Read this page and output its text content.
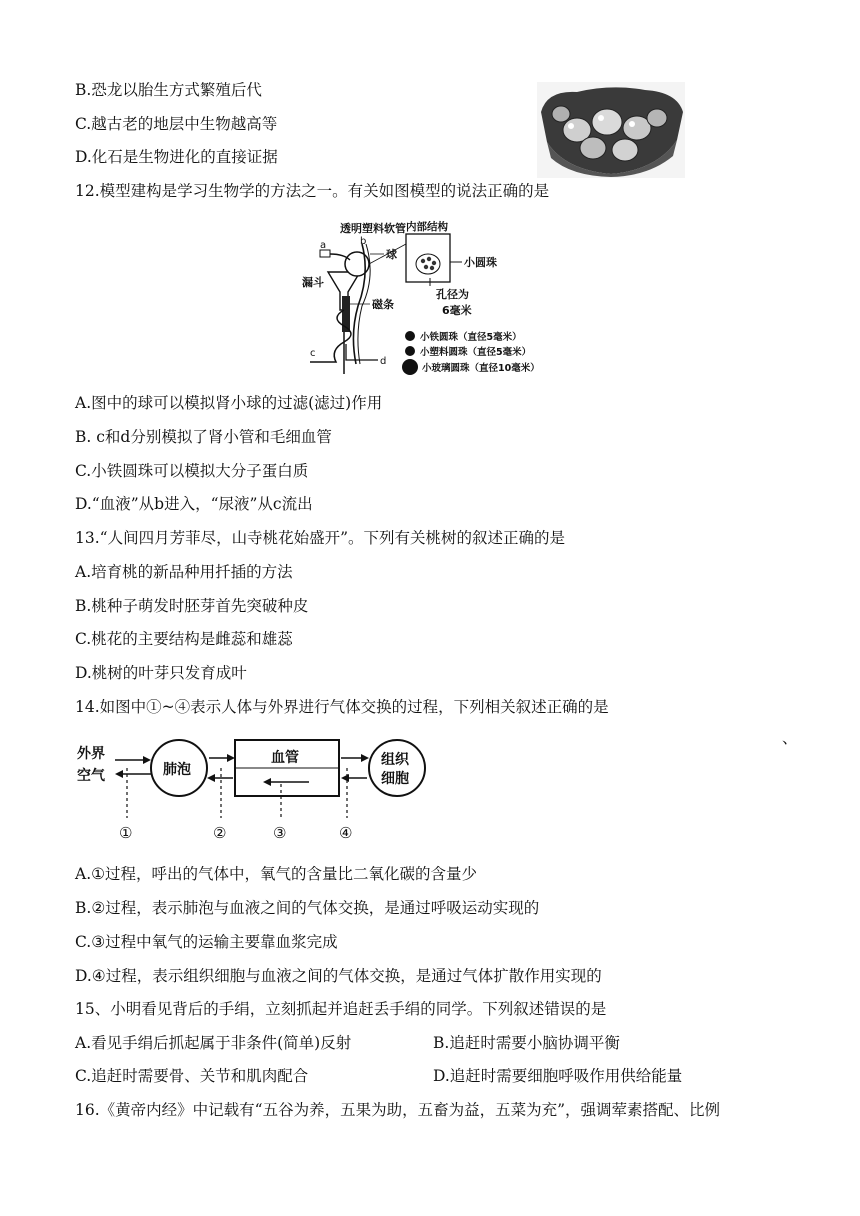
B.恐龙以胎生方式繁殖后代
C.越古老的地层中生物越高等
D.化石是生物进化的直接证据
12.模型建构是学习生物学的方法之一。有关如图模型的说法正确的是
透明塑料软管
a	b
漏斗
球
内部结构
小圆珠
孔径为
6毫米
磁条
c
d
小铁圆珠（直径5毫米）
小塑料圆珠（直径5毫米）
小玻璃圆珠（直径10毫米）
A.图中的球可以模拟肾小球的过滤(滤过)作用
B. c和d分别模拟了肾小管和毛细血管
C.小铁圆珠可以模拟大分子蛋白质
D.“血液”从b进入，“尿液”从c流出
13.“人间四月芳菲尽，山寺桃花始盛开”。下列有关桃树的叙述正确的是
A.培育桃的新品种用扦插的方法
B.桃种子萌发时胚芽首先突破种皮
C.桃花的主要结构是雌蕊和雄蕊
D.桃树的叶芽只发育成叶
14.如图中①~④表示人体与外界进行气体交换的过程，下列相关叙述正确的是
、
外界
空气	肺泡
血管	组织
细胞
①	②	③	④
A.①过程，呼出的气体中，氧气的含量比二氧化碳的含量少
B.②过程，表示肺泡与血液之间的气体交换，是通过呼吸运动实现的
C.③过程中氧气的运输主要靠血浆完成
D.④过程，表示组织细胞与血液之间的气体交换，是通过气体扩散作用实现的
15、小明看见背后的手绢，立刻抓起并追赶丢手绢的同学。下列叙述错误的是
A.看见手绢后抓起属于非条件(简单)反射	B.追赶时需要小脑协调平衡
C.追赶时需要骨、关节和肌肉配合	D.追赶时需要细胞呼吸作用供给能量
16.《黄帝内经》中记载有“五谷为养，五果为助，五畜为益，五菜为充”，强调荤素搭配、比例
